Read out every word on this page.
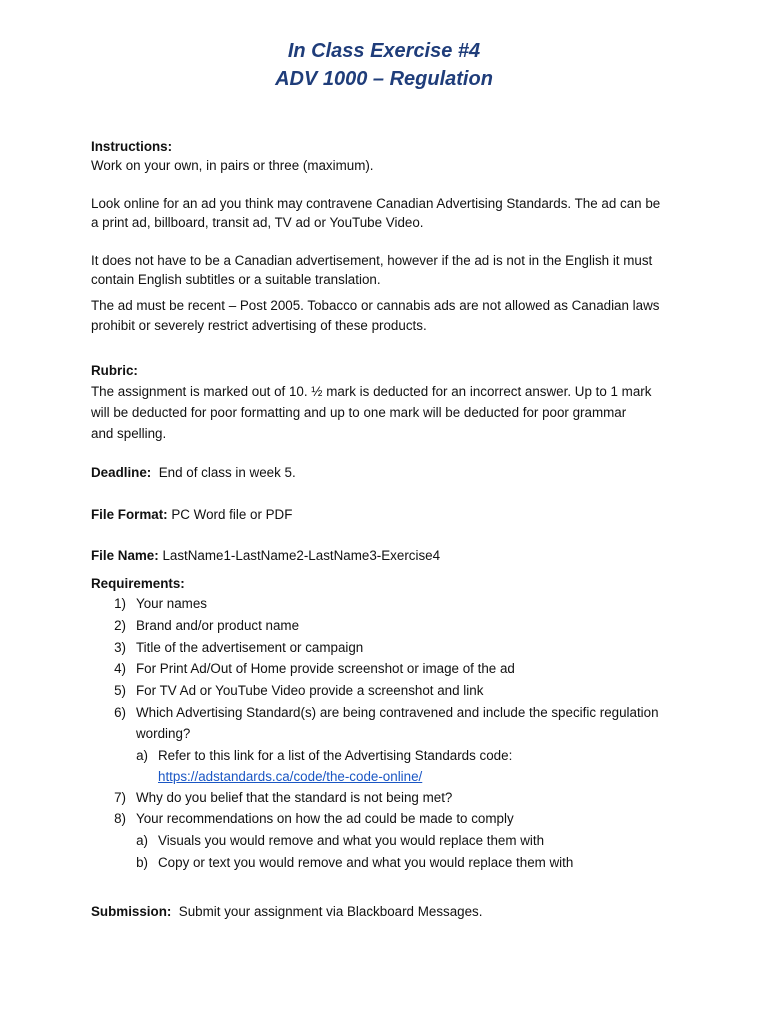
In Class Exercise #4
ADV 1000 – Regulation
Instructions:
Work on your own, in pairs or three (maximum).
Look online for an ad you think may contravene Canadian Advertising Standards. The ad can be
a print ad, billboard, transit ad, TV ad or YouTube Video.
It does not have to be a Canadian advertisement, however if the ad is not in the English it must
contain English subtitles or a suitable translation.
The ad must be recent – Post 2005. Tobacco or cannabis ads are not allowed as Canadian laws
prohibit or severely restrict advertising of these products.
Rubric:
The assignment is marked out of 10. ½ mark is deducted for an incorrect answer. Up to 1 mark
will be deducted for poor formatting and up to one mark will be deducted for poor grammar
and spelling.
Deadline:  End of class in week 5.
File Format: PC Word file or PDF
File Name: LastName1-LastName2-LastName3-Exercise4
Requirements:
1) Your names
2) Brand and/or product name
3) Title of the advertisement or campaign
4) For Print Ad/Out of Home provide screenshot or image of the ad
5) For TV Ad or YouTube Video provide a screenshot and link
6) Which Advertising Standard(s) are being contravened and include the specific regulation
wording?
a) Refer to this link for a list of the Advertising Standards code:
https://adstandards.ca/code/the-code-online/
7) Why do you belief that the standard is not being met?
8) Your recommendations on how the ad could be made to comply
a) Visuals you would remove and what you would replace them with
b) Copy or text you would remove and what you would replace them with
Submission:  Submit your assignment via Blackboard Messages.
